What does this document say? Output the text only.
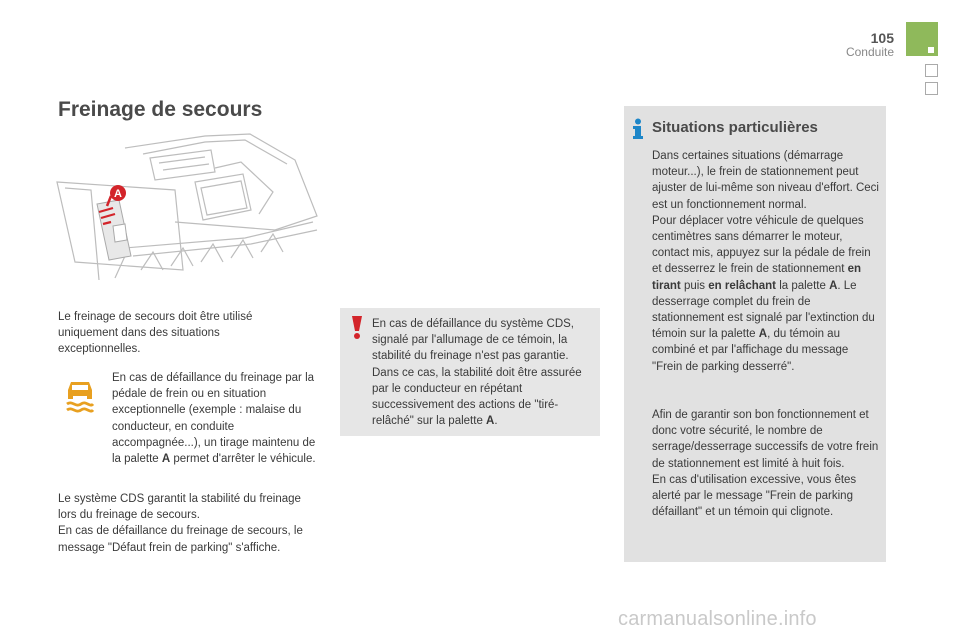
105
Conduite
Freinage de secours
A
Le freinage de secours doit être utilisé uniquement dans des situations exceptionnelles.
En cas de défaillance du freinage par la pédale de frein ou en situation exceptionnelle (exemple : malaise du conducteur, en conduite accompagnée...), un tirage maintenu de la palette A permet d'arrêter le véhicule.
Le système CDS garantit la stabilité du freinage lors du freinage de secours.
En cas de défaillance du freinage de secours, le message "Défaut frein de parking" s'affiche.
En cas de défaillance du système CDS, signalé par l'allumage de ce témoin, la stabilité du freinage n'est pas garantie. Dans ce cas, la stabilité doit être assurée par le conducteur en répétant successivement des actions de "tiré-relâché" sur la palette A.
Situations particulières
Dans certaines situations (démarrage moteur...), le frein de stationnement peut ajuster de lui-même son niveau d'effort. Ceci est un fonctionnement normal.
Pour déplacer votre véhicule de quelques centimètres sans démarrer le moteur, contact mis, appuyez sur la pédale de frein et desserrez le frein de stationnement en tirant puis en relâchant la palette A. Le desserrage complet du frein de stationnement est signalé par l'extinction du témoin sur la palette A, du témoin au combiné et par l'affichage du message "Frein de parking desserré".
Afin de garantir son bon fonctionnement et donc votre sécurité, le nombre de serrage/desserrage successifs de votre frein de stationnement est limité à huit fois.
En cas d'utilisation excessive, vous êtes alerté par le message "Frein de parking défaillant" et un témoin qui clignote.
carmanualsonline.info
